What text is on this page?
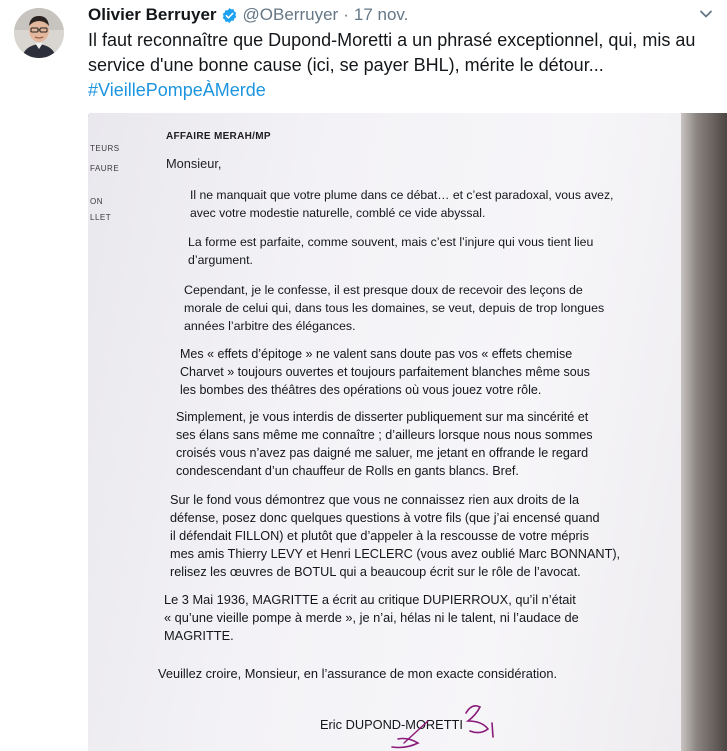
Olivier Berruyer @OBerruyer · 17 nov.
Il faut reconnaître que Dupond-Moretti a un phrasé exceptionnel, qui, mis au
service d'une bonne cause (ici, se payer BHL), mérite le détour...
#VieillePompeÀMerde
TEURS
FAURE
ON
LLET
AFFAIRE MERAH/MP
Monsieur,
Il ne manquait que votre plume dans ce débat… et c’est paradoxal, vous avez,
avec votre modestie naturelle, comblé ce vide abyssal.
La forme est parfaite, comme souvent, mais c’est l’injure qui vous tient lieu
d’argument.
Cependant, je le confesse, il est presque doux de recevoir des leçons de
morale de celui qui, dans tous les domaines, se veut, depuis de trop longues
années l’arbitre des élégances.
Mes « effets d’épitoge » ne valent sans doute pas vos « effets chemise
Charvet » toujours ouvertes et toujours parfaitement blanches même sous
les bombes des théâtres des opérations où vous jouez votre rôle.
Simplement, je vous interdis de disserter publiquement sur ma sincérité et
ses élans sans même me connaître ; d’ailleurs lorsque nous nous sommes
croisés vous n’avez pas daigné me saluer, me jetant en offrande le regard
condescendant d’un chauffeur de Rolls en gants blancs. Bref.
Sur le fond vous démontrez que vous ne connaissez rien aux droits de la
défense, posez donc quelques questions à votre fils (que j’ai encensé quand
il défendait FILLON) et plutôt que d’appeler à la rescousse de votre mépris
mes amis Thierry LEVY et Henri LECLERC (vous avez oublié Marc BONNANT),
relisez les œuvres de BOTUL qui a beaucoup écrit sur le rôle de l’avocat.
Le 3 Mai 1936, MAGRITTE a écrit au critique DUPIERROUX, qu’il n’était
« qu’une vieille pompe à merde », je n’ai, hélas ni le talent, ni l’audace de
MAGRITTE.
Veuillez croire, Monsieur, en l’assurance de mon exacte considération.
Eric DUPOND-MORETTI
